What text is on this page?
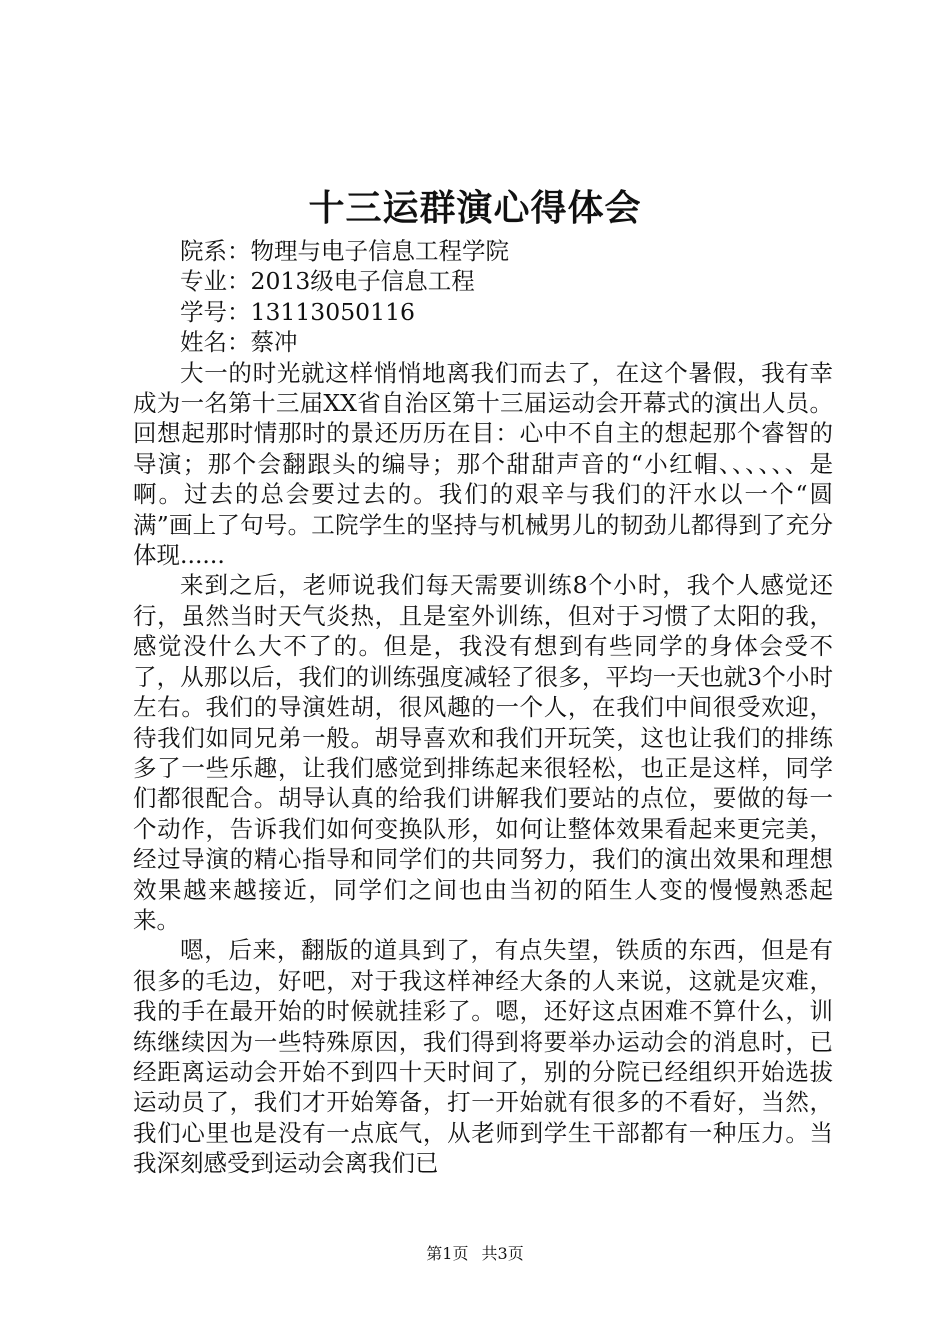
十三运群演心得体会
院系：物理与电子信息工程学院
专业：2013级电子信息工程
学号：13113050116
姓名：蔡冲

大一的时光就这样悄悄地离我们而去了，在这个暑假，我有幸成为一名第十三届XX省自治区第十三届运动会开幕式的演出人员。回想起那时情那时的景还历历在目：心中不自主的想起那个睿智的导演；那个会翻跟头的编导；那个甜甜声音的“小红帽、、、、、、是啊。过去的总会要过去的。我们的艰辛与我们的汗水以一个“圆满”画上了句号。工院学生的坚持与机械男儿的韧劲儿都得到了充分体现......

来到之后，老师说我们每天需要训练8个小时，我个人感觉还行，虽然当时天气炎热，且是室外训练，但对于习惯了太阳的我，感觉没什么大不了的。但是，我没有想到有些同学的身体会受不了，从那以后，我们的训练强度减轻了很多，平均一天也就3个小时左右。我们的导演姓胡，很风趣的一个人，在我们中间很受欢迎，待我们如同兄弟一般。胡导喜欢和我们开玩笑，这也让我们的排练多了一些乐趣，让我们感觉到排练起来很轻松，也正是这样，同学们都很配合。胡导认真的给我们讲解我们要站的点位，要做的每一个动作，告诉我们如何变换队形，如何让整体效果看起来更完美，经过导演的精心指导和同学们的共同努力，我们的演出效果和理想效果越来越接近，同学们之间也由当初的陌生人变的慢慢熟悉起来。

嗯，后来，翻版的道具到了，有点失望，铁质的东西，但是有很多的毛边，好吧，对于我这样神经大条的人来说，这就是灾难，我的手在最开始的时候就挂彩了。嗯，还好这点困难不算什么，训练继续因为一些特殊原因，我们得到将要举办运动会的消息时，已经距离运动会开始不到四十天时间了，别的分院已经组织开始选拔运动员了，我们才开始筹备，打一开始就有很多的不看好，当然，我们心里也是没有一点底气，从老师到学生干部都有一种压力。当我深刻感受到运动会离我们已

第1页 共3页
